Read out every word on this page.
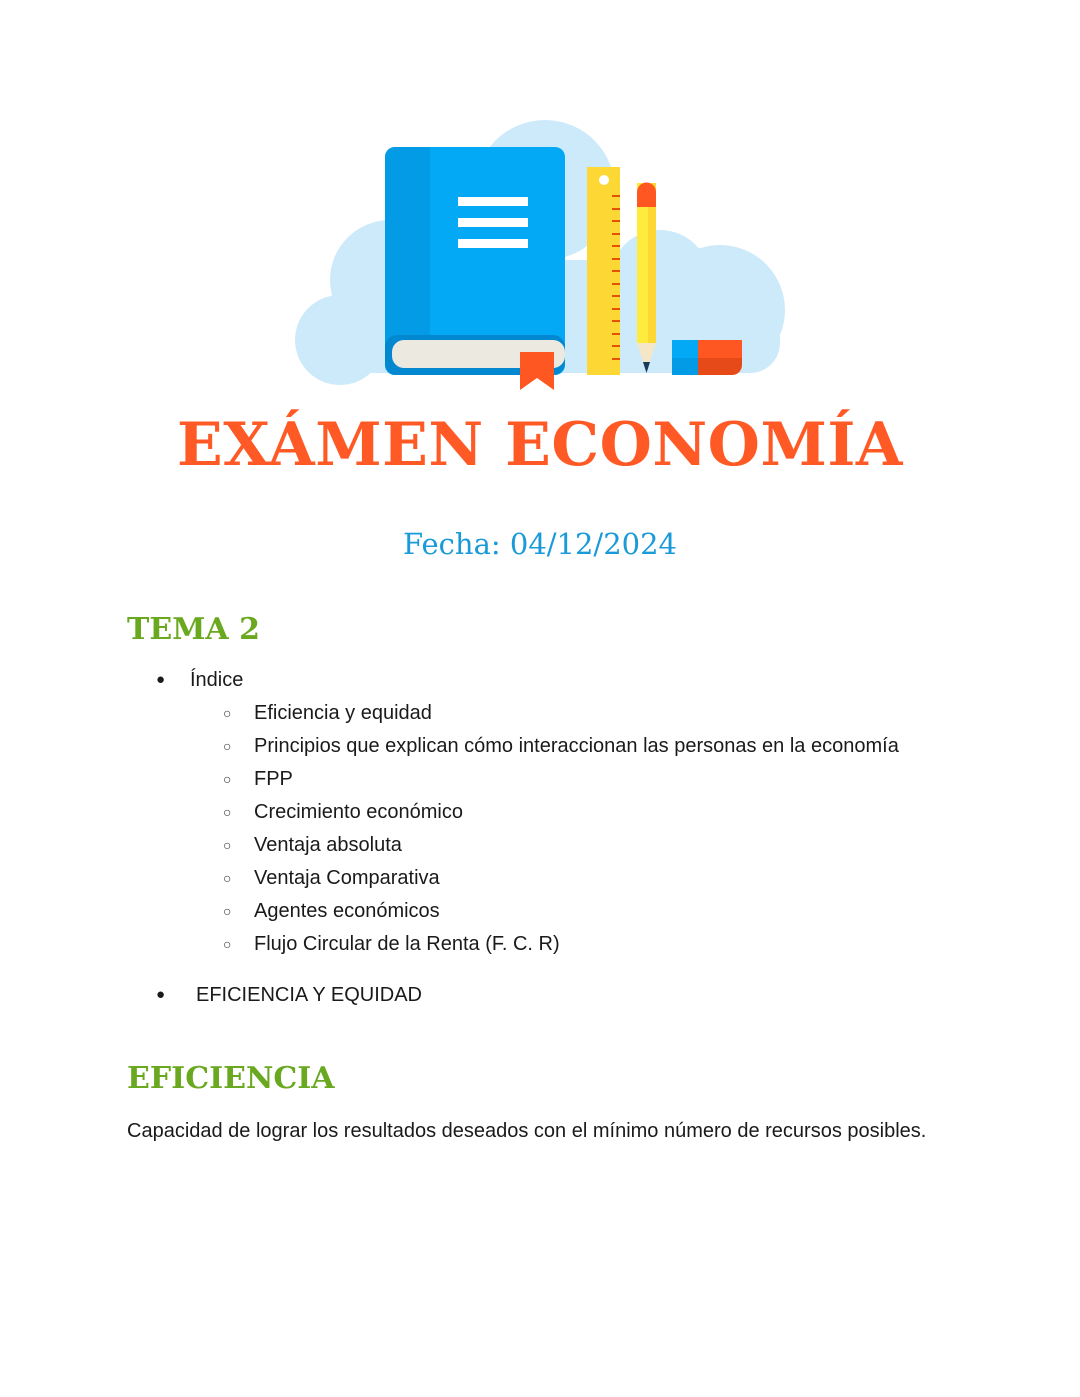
EXÁMEN ECONOMÍA
Fecha: 04/12/2024
TEMA 2
● Índice
○ Eficiencia y equidad
○ Principios que explican cómo interaccionan las personas en la economía
○ FPP
○ Crecimiento económico
○ Ventaja absoluta
○ Ventaja Comparativa
○ Agentes económicos
○ Flujo Circular de la Renta (F. C. R)
● EFICIENCIA Y EQUIDAD
EFICIENCIA
Capacidad de lograr los resultados deseados con el mínimo número de recursos posibles.
